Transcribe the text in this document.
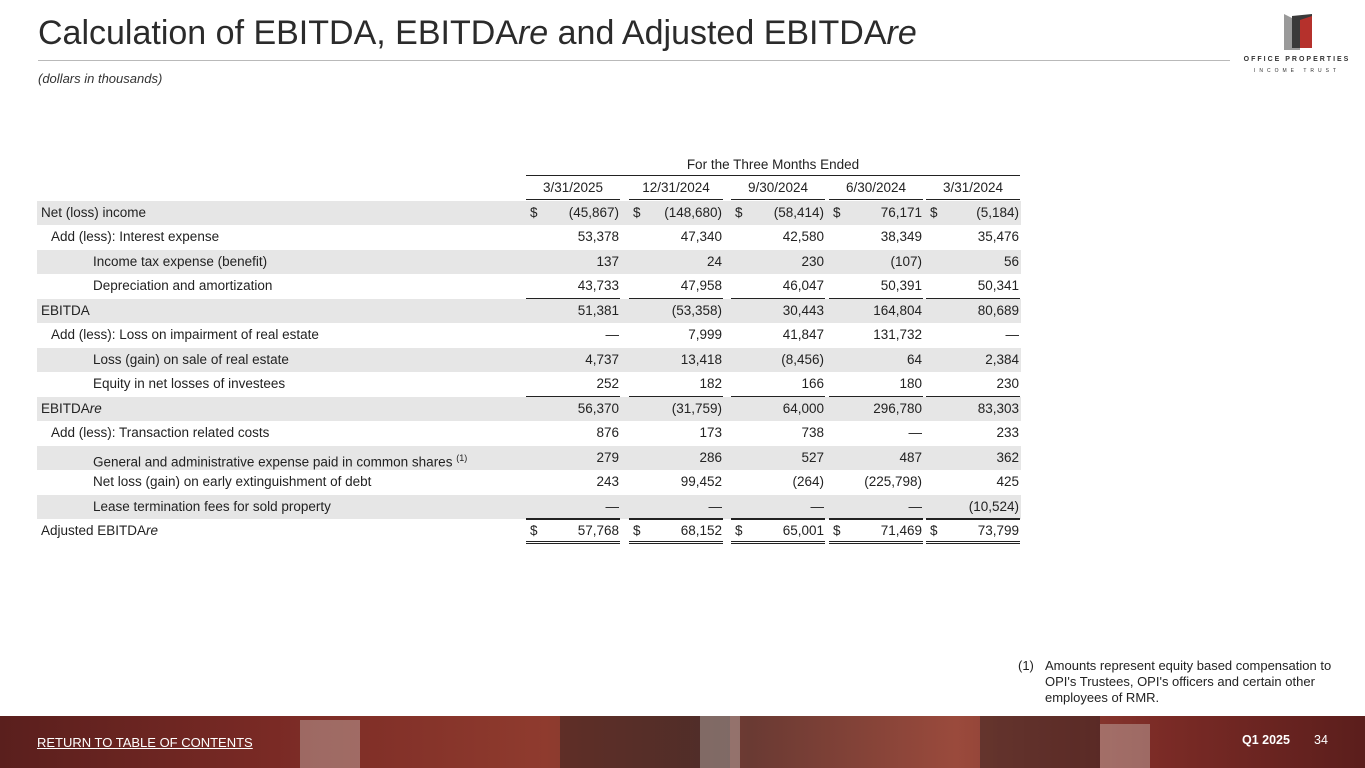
Calculation of EBITDA, EBITDAre and Adjusted EBITDAre
(dollars in thousands)
OFFICE PROPERTIES
INCOME TRUST
For the Three Months Ended
3/31/2025	12/31/2024	9/30/2024	6/30/2024	3/31/2024
Net (loss) income	$	(45,867) $	(148,680) $	(58,414) $	76,171 $	(5,184)
Add (less): Interest expense	53,378	47,340	42,580	38,349	35,476
Income tax expense (benefit)	137	24	230	(107)	56
Depreciation and amortization	43,733	47,958	46,047	50,391	50,341
EBITDA	51,381	(53,358)	30,443	164,804	80,689
Add (less): Loss on impairment of real estate	—	7,999	41,847	131,732	—
Loss (gain) on sale of real estate	4,737	13,418	(8,456)	64	2,384
Equity in net losses of investees	252	182	166	180	230
EBITDAre	56,370	(31,759)	64,000	296,780	83,303
Add (less): Transaction related costs	876	173	738	—	233
General and administrative expense paid in common shares $^{(1)}$	279	286	527	487	362
Net loss (gain) on early extinguishment of debt	243	99,452	(264)	(225,798)	425
Lease termination fees for sold property	—	—	—	—	(10,524)
Adjusted EBITDAre	$	57,768 $	68,152 $	65,001 $	71,469 $	73,799
(1) Amounts represent equity based compensation to OPI's Trustees, OPI's officers and certain other employees of RMR.
RETURN TO TABLE OF CONTENTS	Q1 2025 34
